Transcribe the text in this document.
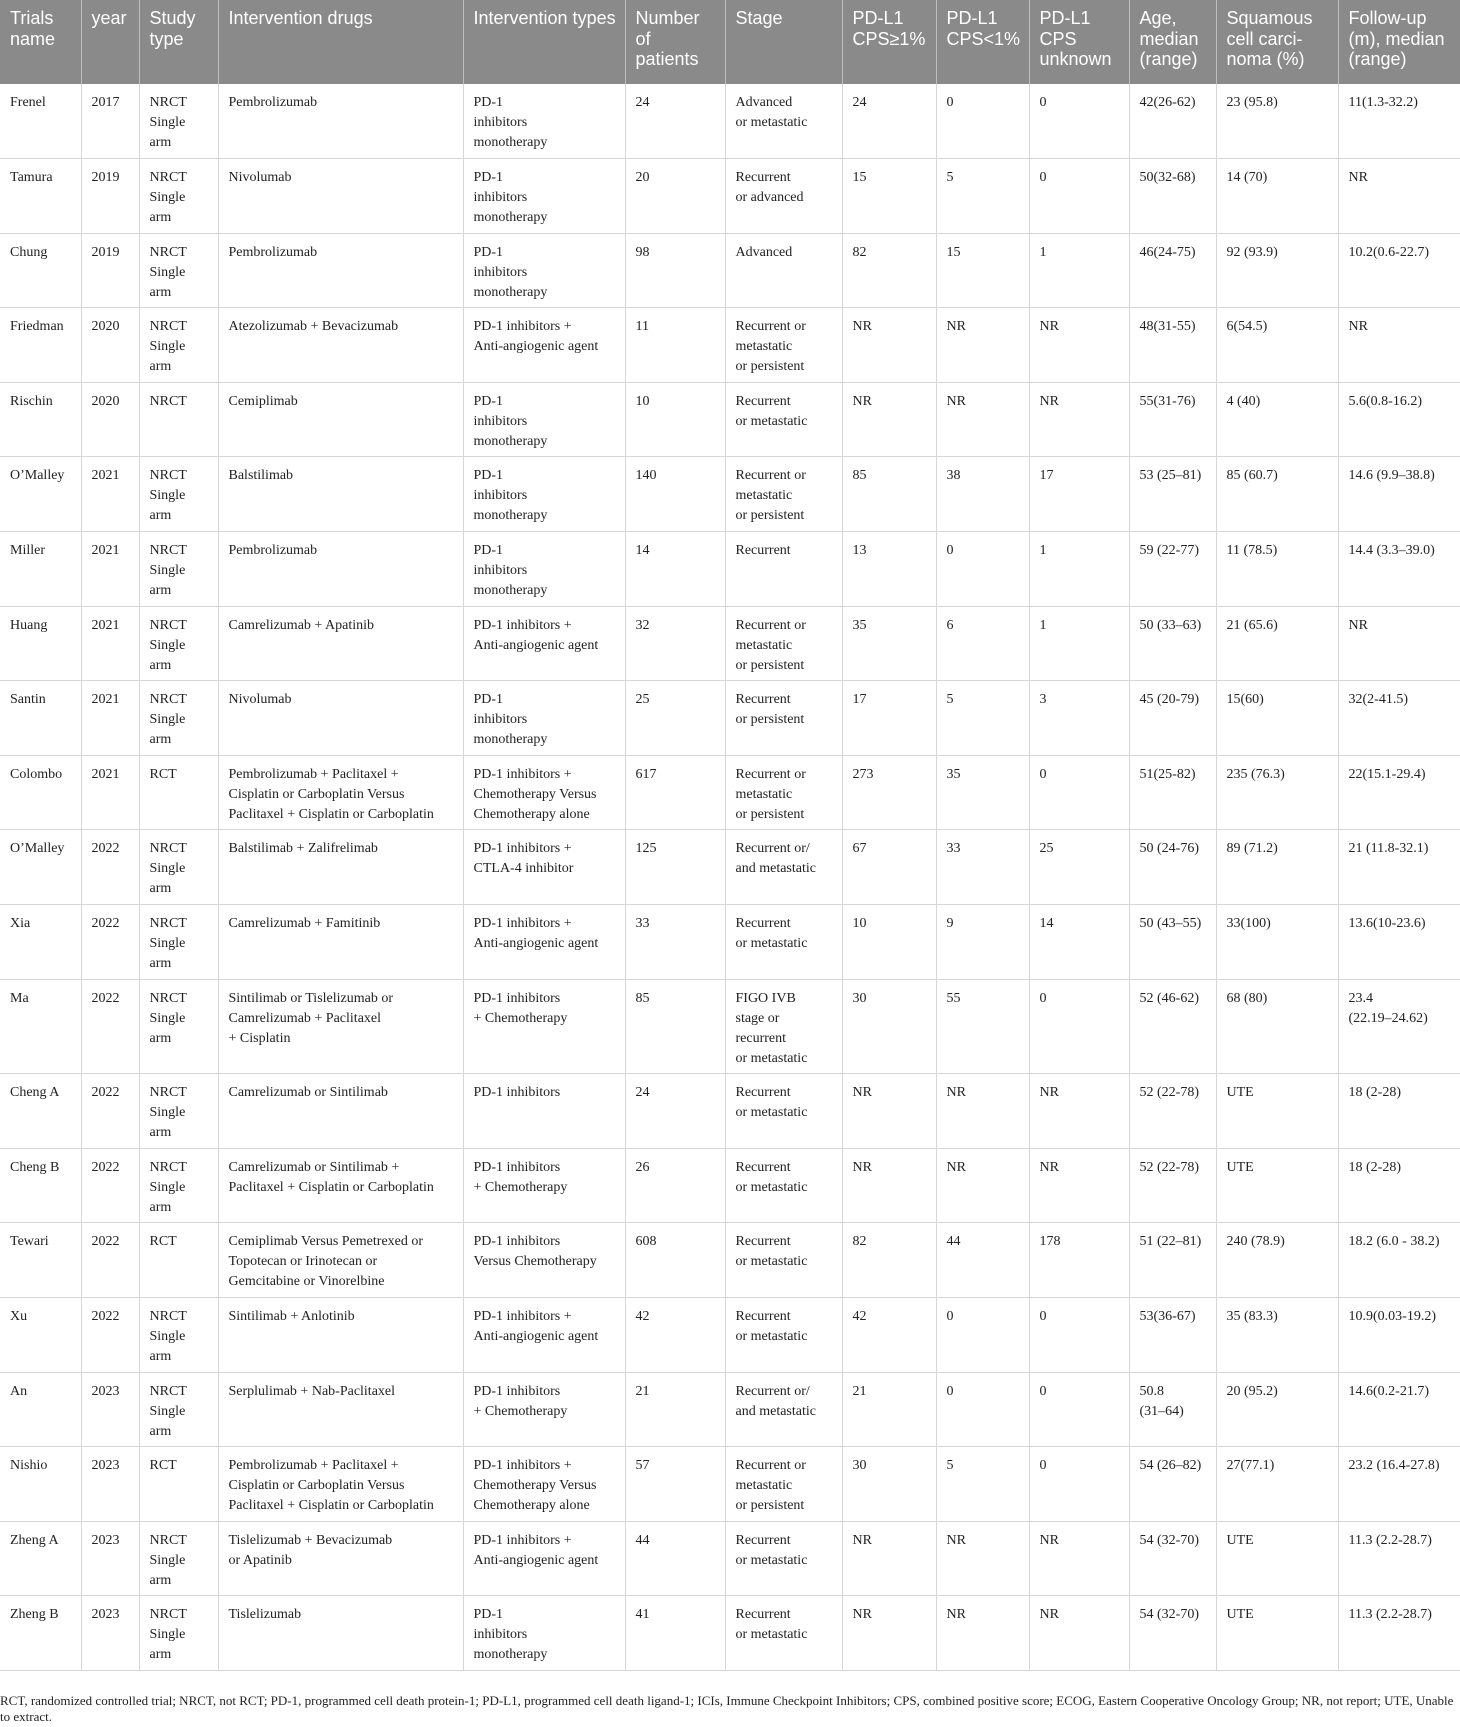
Trials name	year	Study type	Intervention drugs	Intervention types	Number of patients	Stage	PD-L1 CPS≥1%	PD-L1 CPS<1%	PD-L1 CPS unknown	Age, median (range)	Squamous cell carci-noma (%)	Follow-up (m), median (range)
Frenel	2017	NRCT
Single
arm	Pembrolizumab	PD-1
inhibitors
monotherapy	24	Advanced
or metastatic	24	0	0	42(26-62)	23 (95.8)	11(1.3-32.2)
Tamura	2019	NRCT
Single
arm	Nivolumab	PD-1
inhibitors
monotherapy	20	Recurrent
or advanced	15	5	0	50(32-68)	14 (70)	NR
Chung	2019	NRCT
Single
arm	Pembrolizumab	PD-1
inhibitors
monotherapy	98	Advanced	82	15	1	46(24-75)	92 (93.9)	10.2(0.6-22.7)
Friedman	2020	NRCT
Single
arm	Atezolizumab + Bevacizumab	PD-1 inhibitors +
Anti-angiogenic agent	11	Recurrent or
metastatic
or persistent	NR	NR	NR	48(31-55)	6(54.5)	NR
Rischin	2020	NRCT	Cemiplimab	PD-1
inhibitors
monotherapy	10	Recurrent
or metastatic	NR	NR	NR	55(31-76)	4 (40)	5.6(0.8-16.2)
O’Malley	2021	NRCT
Single
arm	Balstilimab	PD-1
inhibitors
monotherapy	140	Recurrent or
metastatic
or persistent	85	38	17	53 (25–81)	85 (60.7)	14.6 (9.9–38.8)
Miller	2021	NRCT
Single
arm	Pembrolizumab	PD-1
inhibitors
monotherapy	14	Recurrent	13	0	1	59 (22-77)	11 (78.5)	14.4 (3.3–39.0)
Huang	2021	NRCT
Single
arm	Camrelizumab + Apatinib	PD-1 inhibitors +
Anti-angiogenic agent	32	Recurrent or
metastatic
or persistent	35	6	1	50 (33–63)	21 (65.6)	NR
Santin	2021	NRCT
Single
arm	Nivolumab	PD-1
inhibitors
monotherapy	25	Recurrent
or persistent	17	5	3	45 (20-79)	15(60)	32(2-41.5)
Colombo	2021	RCT	Pembrolizumab + Paclitaxel +
Cisplatin or Carboplatin Versus
Paclitaxel + Cisplatin or Carboplatin	PD-1 inhibitors +
Chemotherapy Versus
Chemotherapy alone	617	Recurrent or
metastatic
or persistent	273	35	0	51(25-82)	235 (76.3)	22(15.1-29.4)
O’Malley	2022	NRCT
Single
arm	Balstilimab + Zalifrelimab	PD-1 inhibitors +
CTLA-4 inhibitor	125	Recurrent or/
and metastatic	67	33	25	50 (24-76)	89 (71.2)	21 (11.8-32.1)
Xia	2022	NRCT
Single
arm	Camrelizumab + Famitinib	PD-1 inhibitors +
Anti-angiogenic agent	33	Recurrent
or metastatic	10	9	14	50 (43–55)	33(100)	13.6(10-23.6)
Ma	2022	NRCT
Single
arm	Sintilimab or Tislelizumab or
Camrelizumab + Paclitaxel
+ Cisplatin	PD-1 inhibitors
+ Chemotherapy	85	FIGO IVB
stage or
recurrent
or metastatic	30	55	0	52 (46-62)	68 (80)	23.4
(22.19–24.62)
Cheng A	2022	NRCT
Single
arm	Camrelizumab or Sintilimab	PD-1 inhibitors	24	Recurrent
or metastatic	NR	NR	NR	52 (22-78)	UTE	18 (2-28)
Cheng B	2022	NRCT
Single
arm	Camrelizumab or Sintilimab +
Paclitaxel + Cisplatin or Carboplatin	PD-1 inhibitors
+ Chemotherapy	26	Recurrent
or metastatic	NR	NR	NR	52 (22-78)	UTE	18 (2-28)
Tewari	2022	RCT	Cemiplimab Versus Pemetrexed or
Topotecan or Irinotecan or
Gemcitabine or Vinorelbine	PD-1 inhibitors
Versus Chemotherapy	608	Recurrent
or metastatic	82	44	178	51 (22–81)	240 (78.9)	18.2 (6.0 - 38.2)
Xu	2022	NRCT
Single
arm	Sintilimab + Anlotinib	PD-1 inhibitors +
Anti-angiogenic agent	42	Recurrent
or metastatic	42	0	0	53(36-67)	35 (83.3)	10.9(0.03-19.2)
An	2023	NRCT
Single
arm	Serplulimab + Nab-Paclitaxel	PD-1 inhibitors
+ Chemotherapy	21	Recurrent or/
and metastatic	21	0	0	50.8
(31–64)	20 (95.2)	14.6(0.2-21.7)
Nishio	2023	RCT	Pembrolizumab + Paclitaxel +
Cisplatin or Carboplatin Versus
Paclitaxel + Cisplatin or Carboplatin	PD-1 inhibitors +
Chemotherapy Versus
Chemotherapy alone	57	Recurrent or
metastatic
or persistent	30	5	0	54 (26–82)	27(77.1)	23.2 (16.4-27.8)
Zheng A	2023	NRCT
Single
arm	Tislelizumab + Bevacizumab
or Apatinib	PD-1 inhibitors +
Anti-angiogenic agent	44	Recurrent
or metastatic	NR	NR	NR	54 (32-70)	UTE	11.3 (2.2-28.7)
Zheng B	2023	NRCT
Single
arm	Tislelizumab	PD-1
inhibitors
monotherapy	41	Recurrent
or metastatic	NR	NR	NR	54 (32-70)	UTE	11.3 (2.2-28.7)
RCT, randomized controlled trial; NRCT, not RCT; PD-1, programmed cell death protein-1; PD-L1, programmed cell death ligand-1; ICIs, Immune Checkpoint Inhibitors; CPS, combined positive score; ECOG, Eastern Cooperative Oncology Group; NR, not report; UTE, Unable to extract.
